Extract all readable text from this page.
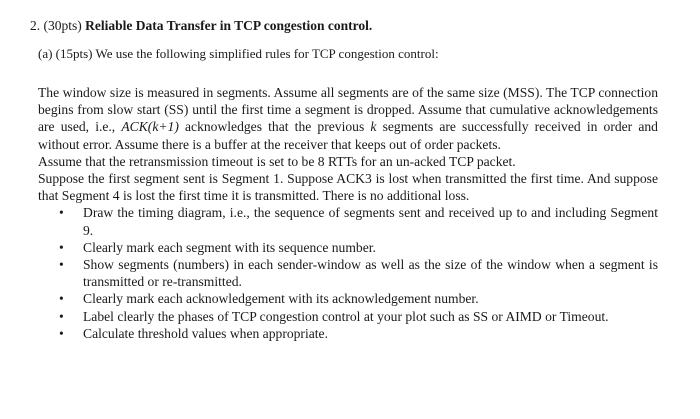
2. (30pts) Reliable Data Transfer in TCP congestion control.
(a) (15pts) We use the following simplified rules for TCP congestion control:

The window size is measured in segments. Assume all segments are of the same size (MSS). The TCP connection begins from slow start (SS) until the first time a segment is dropped. Assume that cumulative acknowledgements are used, i.e., ACK(k+1) acknowledges that the previous k segments are successfully received in order and without error. Assume there is a buffer at the receiver that keeps out of order packets.

Assume that the retransmission timeout is set to be 8 RTTs for an un-acked TCP packet.

Suppose the first segment sent is Segment 1. Suppose ACK3 is lost when transmitted the first time. And suppose that Segment 4 is lost the first time it is transmitted. There is no additional loss.

• Draw the timing diagram, i.e., the sequence of segments sent and received up to and including Segment 9.
• Clearly mark each segment with its sequence number.
• Show segments (numbers) in each sender-window as well as the size of the window when a segment is transmitted or re-transmitted.
• Clearly mark each acknowledgement with its acknowledgement number.
• Label clearly the phases of TCP congestion control at your plot such as SS or AIMD or Timeout.
• Calculate threshold values when appropriate.
